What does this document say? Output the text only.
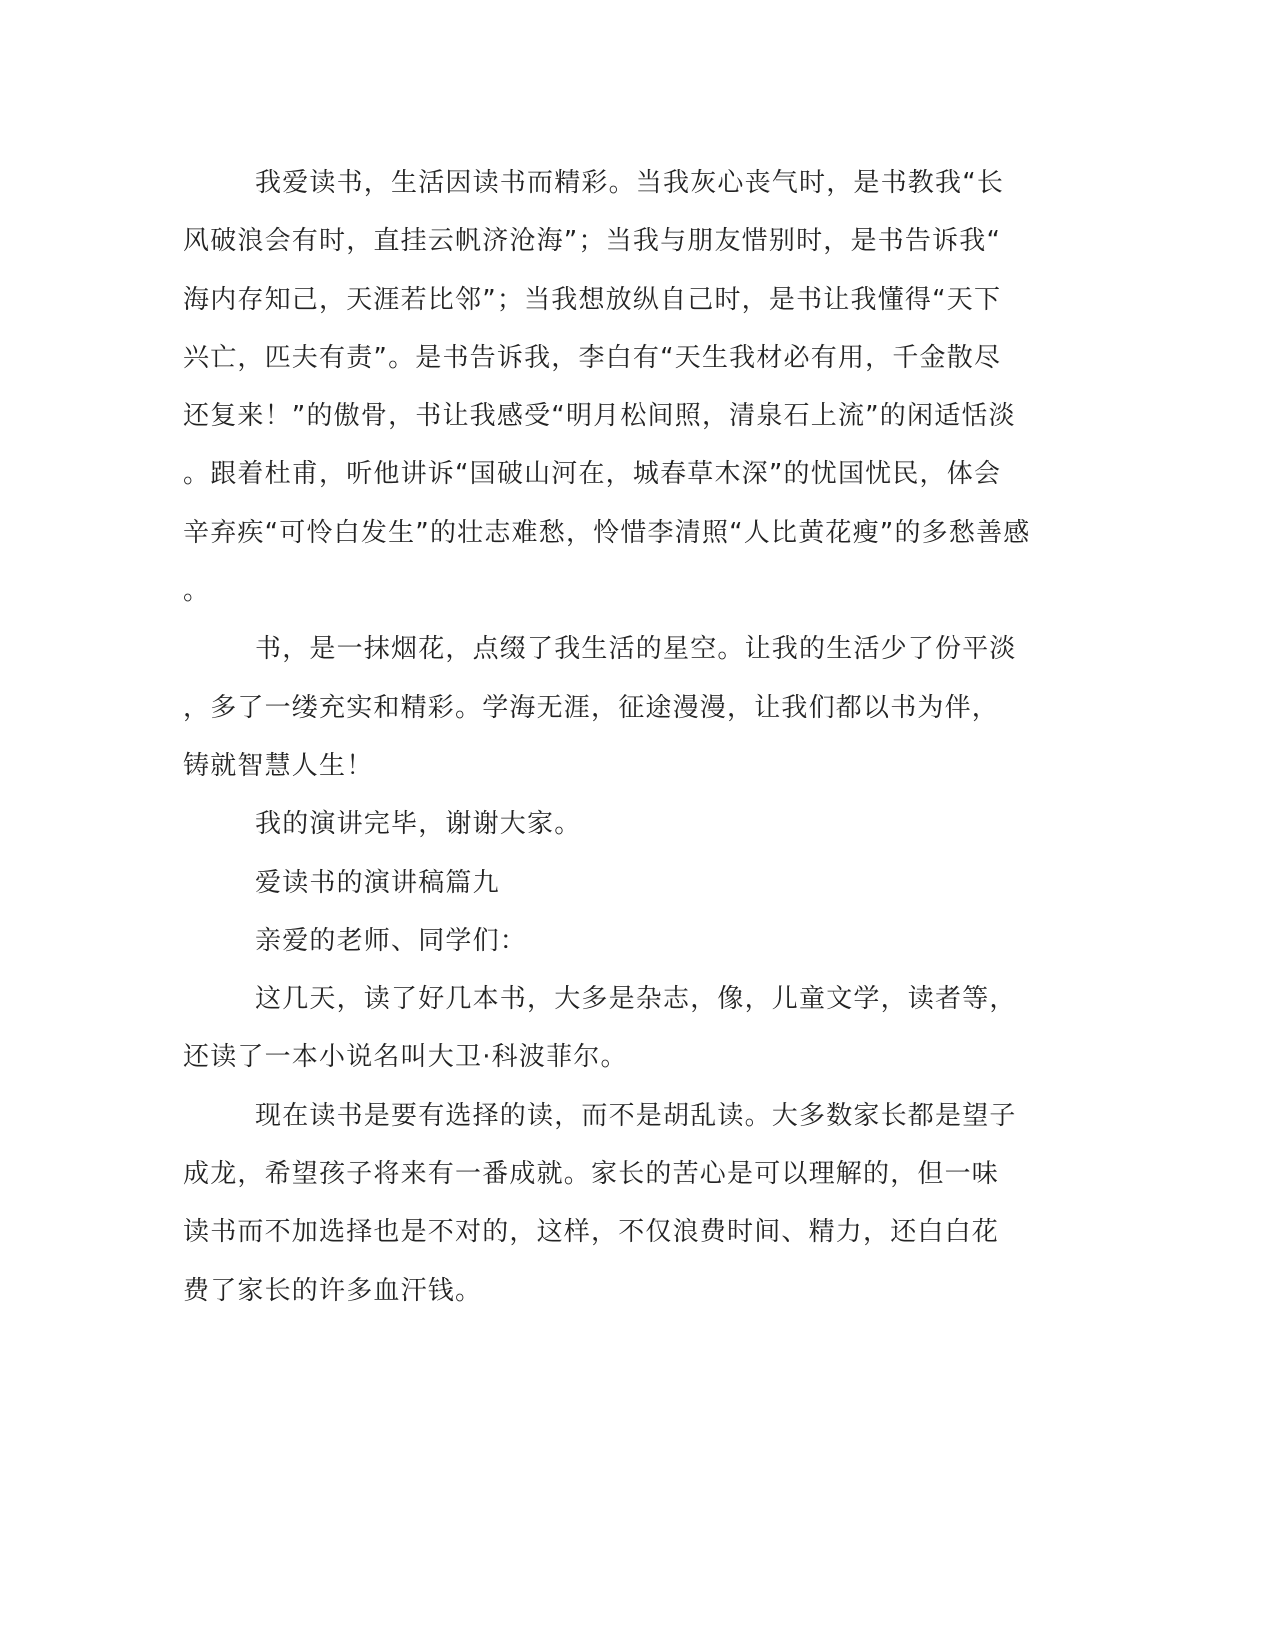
我爱读书，生活因读书而精彩。当我灰心丧气时，是书教我“长
风破浪会有时，直挂云帆济沧海”；当我与朋友惜别时，是书告诉我“
海内存知己，天涯若比邻”；当我想放纵自己时，是书让我懂得“天下
兴亡，匹夫有责”。是书告诉我，李白有“天生我材必有用，千金散尽
还复来！”的傲骨，书让我感受“明月松间照，清泉石上流”的闲适恬淡
。跟着杜甫，听他讲诉“国破山河在，城春草木深”的忧国忧民，体会
辛弃疾“可怜白发生”的壮志难愁，怜惜李清照“人比黄花瘦”的多愁善感
。
书，是一抹烟花，点缀了我生活的星空。让我的生活少了份平淡
，多了一缕充实和精彩。学海无涯，征途漫漫，让我们都以书为伴，
铸就智慧人生！
我的演讲完毕，谢谢大家。
爱读书的演讲稿篇九
亲爱的老师、同学们：
这几天，读了好几本书，大多是杂志，像，儿童文学，读者等，
还读了一本小说名叫大卫·科波菲尔。
现在读书是要有选择的读，而不是胡乱读。大多数家长都是望子
成龙，希望孩子将来有一番成就。家长的苦心是可以理解的，但一味
读书而不加选择也是不对的，这样，不仅浪费时间、精力，还白白花
费了家长的许多血汗钱。
